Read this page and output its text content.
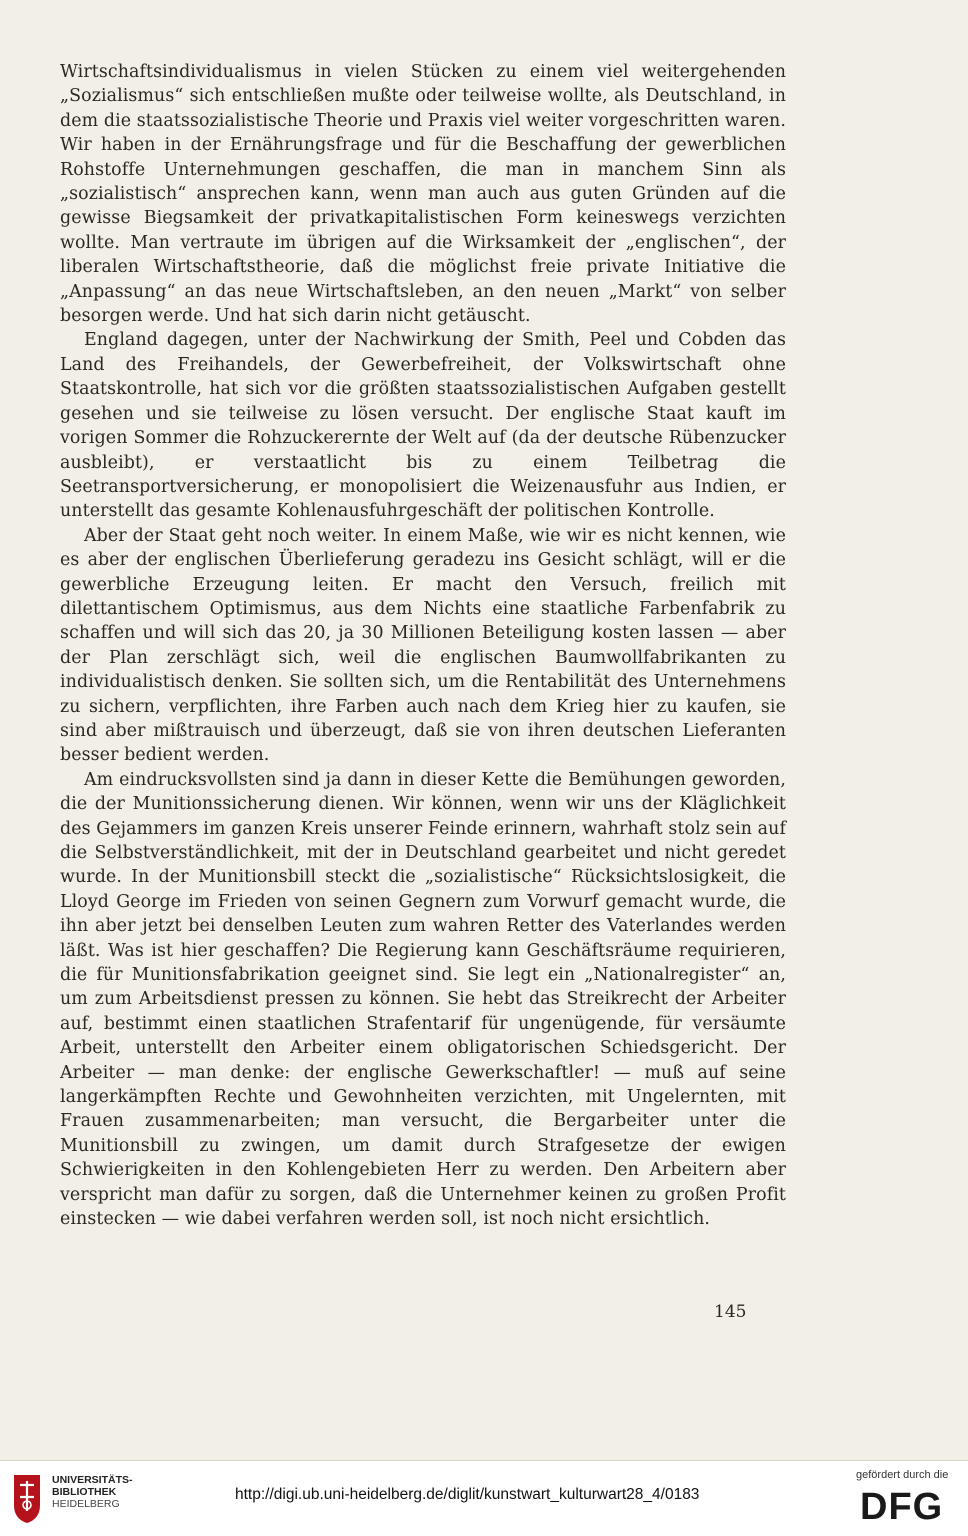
Wirtschaftsindividualismus in vielen Stücken zu einem viel weitergehenden „Sozialismus“ sich entschließen mußte oder teilweise wollte, als Deutschland, in dem die staatssozialistische Theorie und Praxis viel weiter vorgeschritten waren. Wir haben in der Ernährungsfrage und für die Beschaffung der gewerblichen Rohstoffe Unternehmungen geschaffen, die man in manchem Sinn als „sozialistisch“ ansprechen kann, wenn man auch aus guten Gründen auf die gewisse Biegsamkeit der privatkapitalistischen Form keineswegs verzichten wollte. Man vertraute im übrigen auf die Wirksamkeit der „englischen“, der liberalen Wirtschaftstheorie, daß die möglichst freie private Initiative die „Anpassung“ an das neue Wirtschaftsleben, an den neuen „Markt“ von selber besorgen werde. Und hat sich darin nicht getäuscht.

England dagegen, unter der Nachwirkung der Smith, Peel und Cobden das Land des Freihandels, der Gewerbefreiheit, der Volkswirtschaft ohne Staatskontrolle, hat sich vor die größten staatssozialistischen Aufgaben gestellt gesehen und sie teilweise zu lösen versucht. Der englische Staat kauft im vorigen Sommer die Rohzuckerernte der Welt auf (da der deutsche Rübenzucker ausbleibt), er verstaatlicht bis zu einem Teilbetrag die Seetransportversicherung, er monopolisiert die Weizenausfuhr aus Indien, er unterstellt das gesamte Kohlenausfuhrgeschäft der politischen Kontrolle.

Aber der Staat geht noch weiter. In einem Maße, wie wir es nicht kennen, wie es aber der englischen Überlieferung geradezu ins Gesicht schlägt, will er die gewerbliche Erzeugung leiten. Er macht den Versuch, freilich mit dilettantischem Optimismus, aus dem Nichts eine staatliche Farbenfabrik zu schaffen und will sich das 20, ja 30 Millionen Beteiligung kosten lassen — aber der Plan zerschlägt sich, weil die englischen Baumwollfabrikanten zu individualistisch denken. Sie sollten sich, um die Rentabilität des Unternehmens zu sichern, verpflichten, ihre Farben auch nach dem Krieg hier zu kaufen, sie sind aber mißtrauisch und überzeugt, daß sie von ihren deutschen Lieferanten besser bedient werden.

Am eindrucksvollsten sind ja dann in dieser Kette die Bemühungen geworden, die der Munitionssicherung dienen. Wir können, wenn wir uns der Kläglichkeit des Gejammers im ganzen Kreis unserer Feinde erinnern, wahrhaft stolz sein auf die Selbstverständlichkeit, mit der in Deutschland gearbeitet und nicht geredet wurde. In der Munitionsbill steckt die „sozialistische“ Rücksichtslosigkeit, die Lloyd George im Frieden von seinen Gegnern zum Vorwurf gemacht wurde, die ihn aber jetzt bei denselben Leuten zum wahren Retter des Vaterlandes werden läßt. Was ist hier geschaffen? Die Regierung kann Geschäftsräume requirieren, die für Munitionsfabrikation geeignet sind. Sie legt ein „Nationalregister“ an, um zum Arbeitsdienst pressen zu können. Sie hebt das Streikrecht der Arbeiter auf, bestimmt einen staatlichen Strafentarif für ungenügende, für versäumte Arbeit, unterstellt den Arbeiter einem obligatorischen Schiedsgericht. Der Arbeiter — man denke: der englische Gewerkschaftler! — muß auf seine langerkämpften Rechte und Gewohnheiten verzichten, mit Ungelernten, mit Frauen zusammenarbeiten; man versucht, die Bergarbeiter unter die Munitionsbill zu zwingen, um damit durch Strafgesetze der ewigen Schwierigkeiten in den Kohlengebieten Herr zu werden. Den Arbeitern aber verspricht man dafür zu sorgen, daß die Unternehmer keinen zu großen Profit einstecken — wie dabei verfahren werden soll, ist noch nicht ersichtlich.

145
UNIVERSITÄTS-
BIBLIOTHEK
HEIDELBERG
http://digi.ub.uni-heidelberg.de/diglit/kunstwart_kulturwart28_4/0183
gefördert durch die
DFG
